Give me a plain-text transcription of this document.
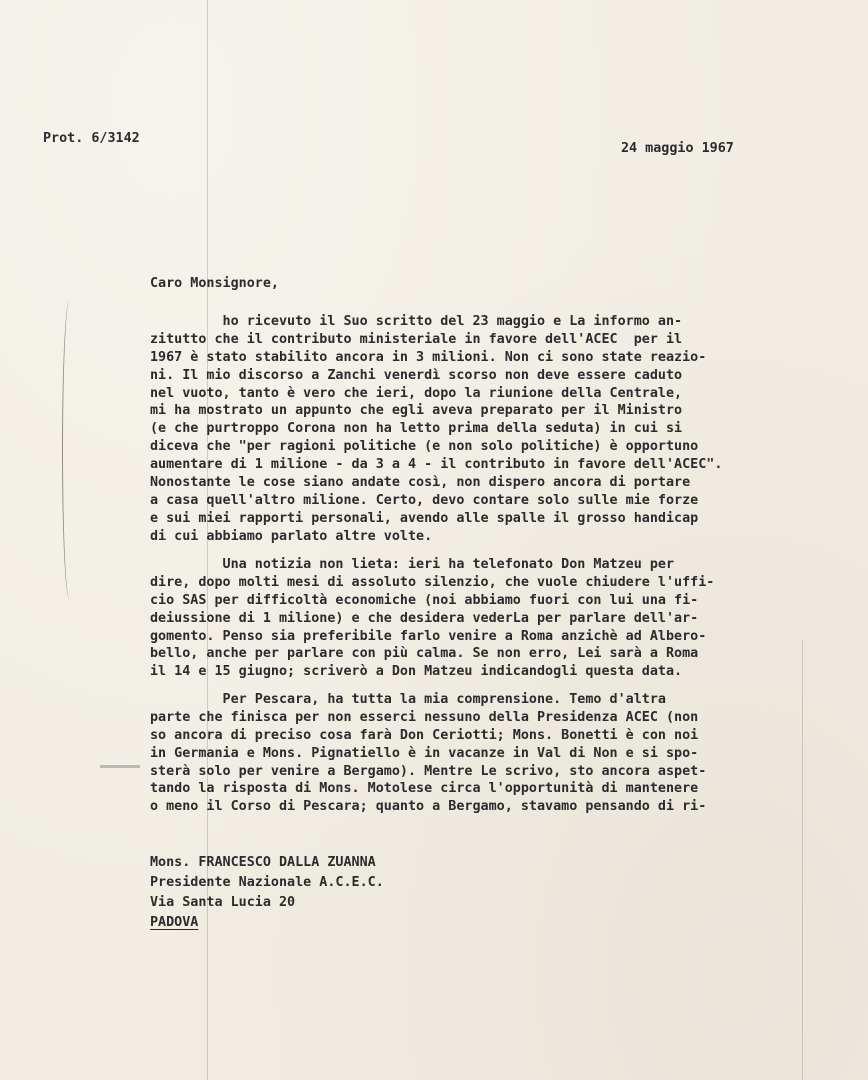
Prot. 6/3142
24 maggio 1967
Caro Monsignore,
ho ricevuto il Suo scritto del 23 maggio e La informo an-
zitutto che il contributo ministeriale in favore dell'ACEC  per il
1967 è stato stabilito ancora in 3 milioni. Non ci sono state reazio-
ni. Il mio discorso a Zanchi venerdì scorso non deve essere caduto
nel vuoto, tanto è vero che ieri, dopo la riunione della Centrale,
mi ha mostrato un appunto che egli aveva preparato per il Ministro
(e che purtroppo Corona non ha letto prima della seduta) in cui si
diceva che "per ragioni politiche (e non solo politiche) è opportuno
aumentare di 1 milione - da 3 a 4 - il contributo in favore dell'ACEC".
Nonostante le cose siano andate così, non dispero ancora di portare
a casa quell'altro milione. Certo, devo contare solo sulle mie forze
e sui miei rapporti personali, avendo alle spalle il grosso handicap
di cui abbiamo parlato altre volte.
Una notizia non lieta: ieri ha telefonato Don Matzeu per
dire, dopo molti mesi di assoluto silenzio, che vuole chiudere l'uffi-
cio SAS per difficoltà economiche (noi abbiamo fuori con lui una fi-
deiussione di 1 milione) e che desidera vederLa per parlare dell'ar-
gomento. Penso sia preferibile farlo venire a Roma anzichè ad Albero-
bello, anche per parlare con più calma. Se non erro, Lei sarà a Roma
il 14 e 15 giugno; scriverò a Don Matzeu indicandogli questa data.
Per Pescara, ha tutta la mia comprensione. Temo d'altra
parte che finisca per non esserci nessuno della Presidenza ACEC (non
so ancora di preciso cosa farà Don Ceriotti; Mons. Bonetti è con noi
in Germania e Mons. Pignatiello è in vacanze in Val di Non e si spo-
sterà solo per venire a Bergamo). Mentre Le scrivo, sto ancora aspet-
tando la risposta di Mons. Motolese circa l'opportunità di mantenere
o meno il Corso di Pescara; quanto a Bergamo, stavamo pensando di ri-
Mons. FRANCESCO DALLA ZUANNA
Presidente Nazionale A.C.E.C.
Via Santa Lucia 20
PADOVA
